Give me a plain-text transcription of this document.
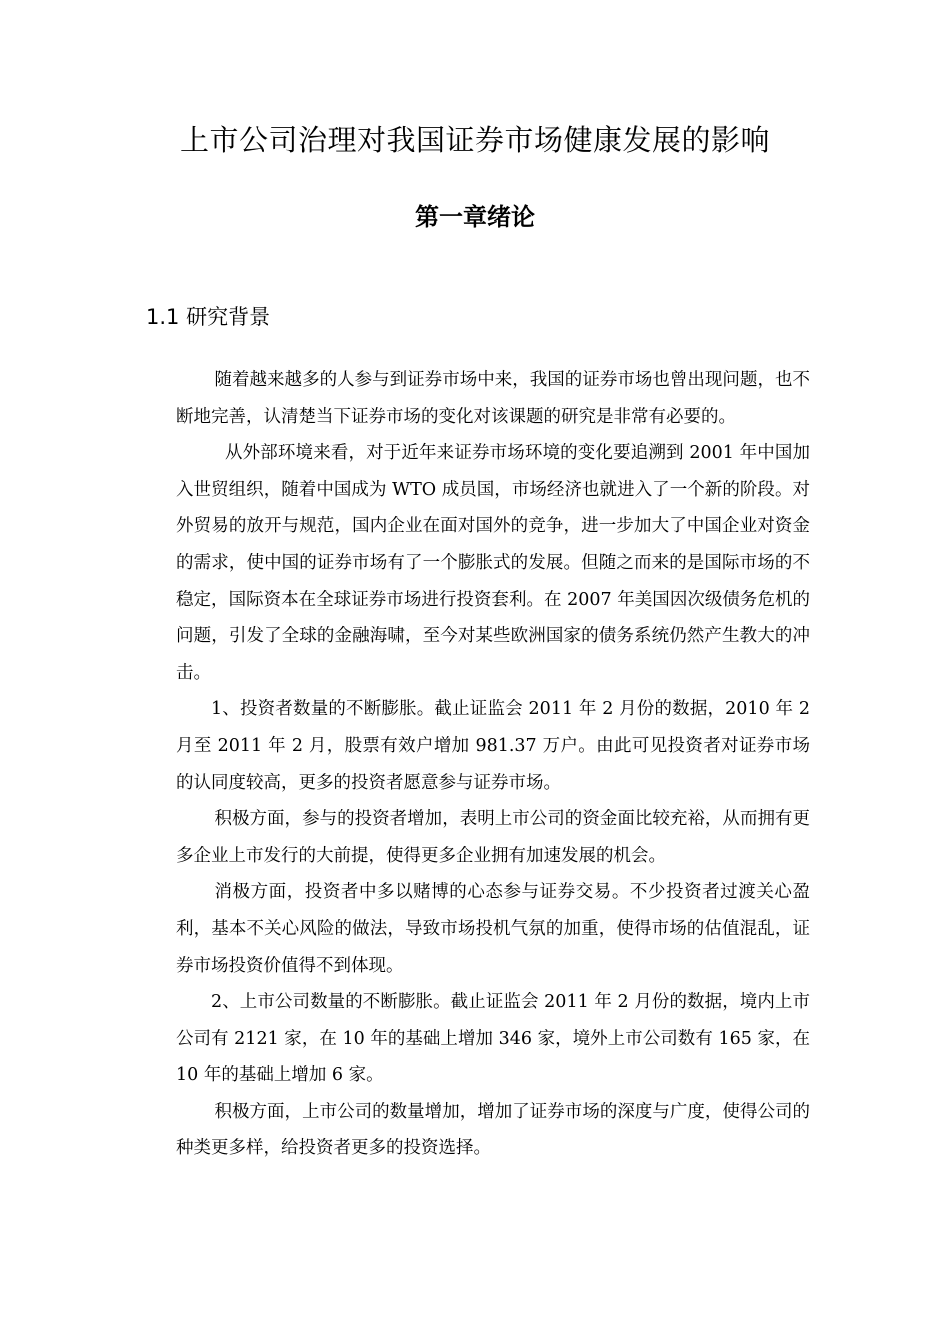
上市公司治理对我国证券市场健康发展的影响
第一章绪论
1.1 研究背景

随着越来越多的人参与到证券市场中来，我国的证券市场也曾出现问题，也不断地完善，认清楚当下证券市场的变化对该课题的研究是非常有必要的。

从外部环境来看，对于近年来证券市场环境的变化要追溯到 2001 年中国加入世贸组织，随着中国成为 WTO 成员国，市场经济也就进入了一个新的阶段。对外贸易的放开与规范，国内企业在面对国外的竞争，进一步加大了中国企业对资金的需求，使中国的证券市场有了一个膨胀式的发展。但随之而来的是国际市场的不稳定，国际资本在全球证券市场进行投资套利。在 2007 年美国因次级债务危机的问题，引发了全球的金融海啸，至今对某些欧洲国家的债务系统仍然产生教大的冲击。

1、投资者数量的不断膨胀。截止证监会 2011 年 2 月份的数据，2010 年 2 月至 2011 年 2 月，股票有效户增加 981.37 万户。由此可见投资者对证券市场的认同度较高，更多的投资者愿意参与证券市场。

积极方面，参与的投资者增加，表明上市公司的资金面比较充裕，从而拥有更多企业上市发行的大前提，使得更多企业拥有加速发展的机会。

消极方面，投资者中多以赌博的心态参与证券交易。不少投资者过渡关心盈利，基本不关心风险的做法，导致市场投机气氛的加重，使得市场的估值混乱，证券市场投资价值得不到体现。

2、上市公司数量的不断膨胀。截止证监会 2011 年 2 月份的数据，境内上市公司有 2121 家，在 10 年的基础上增加 346 家，境外上市公司数有 165 家，在 10 年的基础上增加 6 家。

积极方面，上市公司的数量增加，增加了证券市场的深度与广度，使得公司的种类更多样，给投资者更多的投资选择。
